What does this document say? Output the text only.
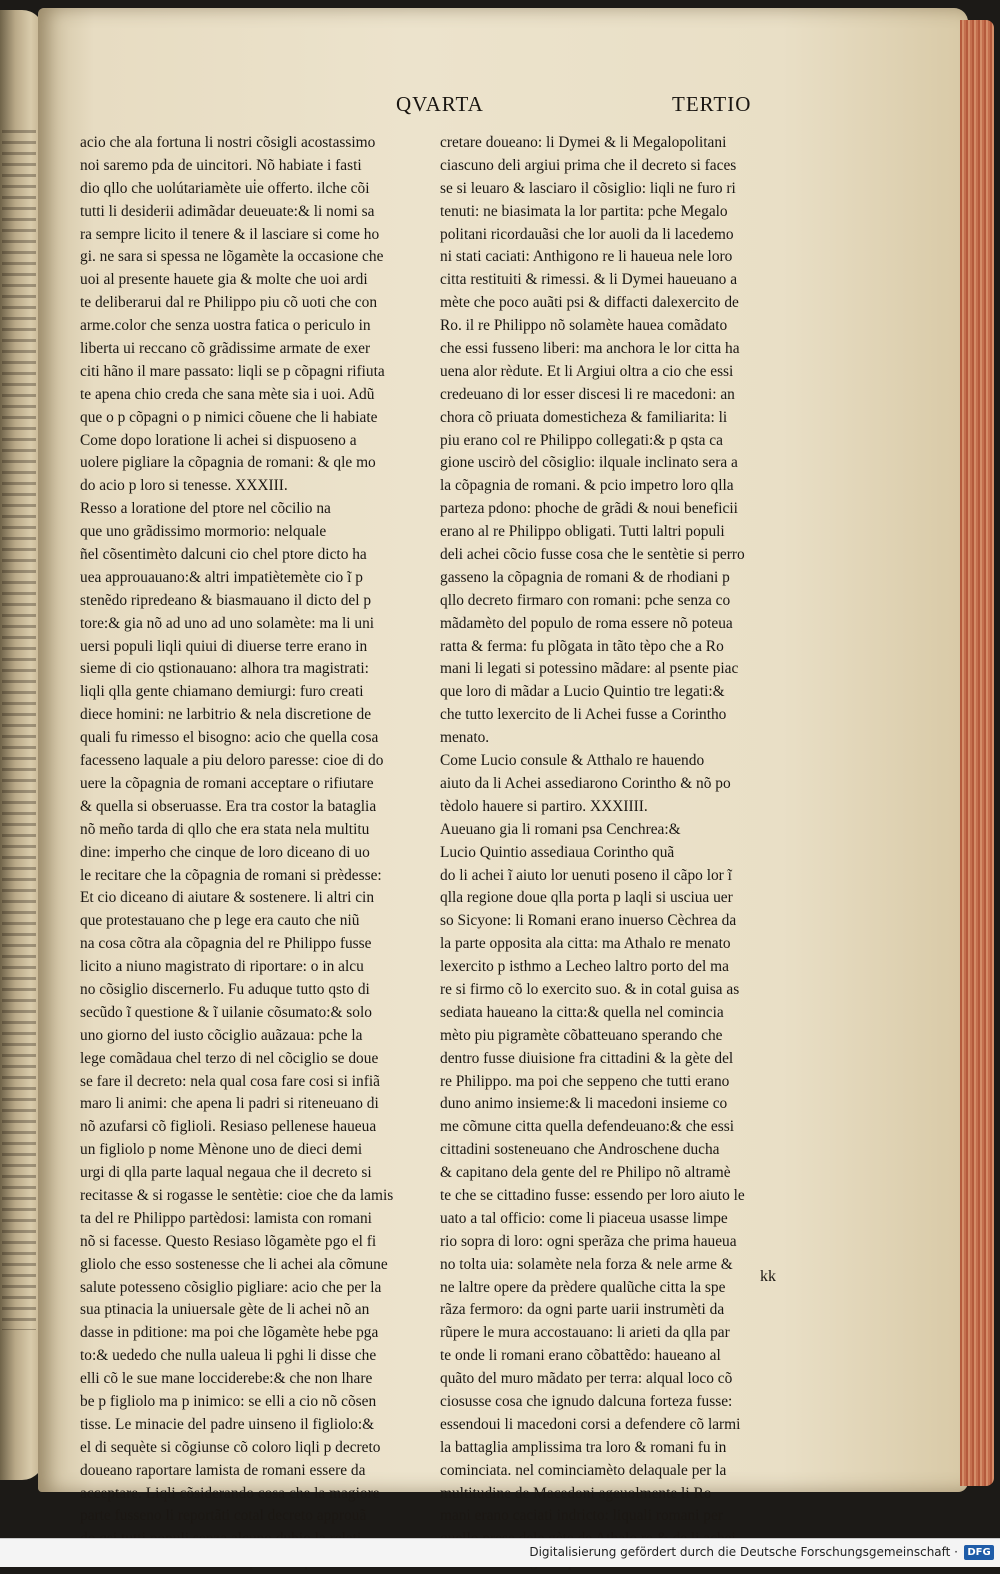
QVARTA	TERTIO
acio che ala fortuna li nostri cõsigli acostassimo
noi saremo pda de uincitori. Nõ habiate i fasti
dio qllo che uolútariamète ui̇e offerto. ilche cõi
tutti li desiderii adimãdar deueuate:& li nomi sa
ra sempre licito il tenere & il lasciare si come ho
gi. ne sara si spessa ne lõgamète la occasione che
uoi al presente hauete gia & molte che uoi ardi
te deliberarui dal re Philippo piu cõ uoti che con
arme.color che senza uostra fatica o periculo in
liberta ui reccano cõ grãdissime armate de exer
citi hãno il mare passato: liqli se p cõpagni rifiuta
te apena chio creda che sana mète sia i uoi. Adũ
que o p cõpagni o p nimici cõuene che li habiate
Come dopo loratione li achei si dispuoseno a
uolere pigliare la cõpagnia de romani: & qle mo
do acio p loro si tenesse. XXXIII.
Resso a loratione del ptore nel cõcilio na
que uno grãdissimo mormorio: nelquale
ñel cõsentimèto dalcuni cio chel ptore dicto ha
uea approuauano:& altri impatiètemète cio ĩ p
stenẽdo ripredeano & biasmauano il dicto del p
tore:& gia nõ ad uno ad uno solamète: ma li uni
uersi populi liqli quiui di diuerse terre erano in
sieme di cio qstionauano: alhora tra magistrati:
liqli qlla gente chiamano demiurgi: furo creati
diece homini: ne larbitrio & nela discretione de
quali fu rimesso el bisogno: acio che quella cosa
facesseno laquale a piu deloro paresse: cioe di do
uere la cõpagnia de romani acceptare o rifiutare
& quella si obseruasse. Era tra costor la bataglia
nõ meño tarda di qllo che era stata nela multitu
dine: imperho che cinque de loro diceano di uo
le recitare che la cõpagnia de romani si prèdesse:
Et cio diceano di aiutare & sostenere. li altri cin
que protestauano che p lege era cauto che niũ
na cosa cõtra ala cõpagnia del re Philippo fusse
licito a niuno magistrato di riportare: o in alcu
no cõsiglio discernerlo. Fu aduque tutto qsto di
secũdo ĩ questione & ĩ uilanie cõsumato:& solo
uno giorno del iusto cõciglio auãzaua: pche la
lege comãdaua chel terzo di nel cõciglio se doue
se fare il decreto: nela qual cosa fare cosi si infiã
maro li animi: che apena li padri si riteneuano di
nõ azufarsi cõ figlioli. Resiaso pellenese haueua
un figliolo p nome Mènone uno de dieci demi
urgi di qlla parte laqual negaua che il decreto si
recitasse & si rogasse le sentètie: cioe che da lamis
ta del re Philippo partèdosi: lamista con romani
nõ si facesse. Questo Resiaso lõgamète pgo el fi
gliolo che esso sostenesse che li achei ala cõmune
salute potesseno cõsiglio pigliare: acio che per la
sua ptinacia la uniuersale gète de li achei nõ an
dasse in pditione: ma poi che lõgamète hebe pga
to:& uededo che nulla ualeua li pghi li disse che
elli cõ le sue mane locciderebe:& che non lhare
be p figliolo ma p inimico: se elli a cio nõ cõsen
tisse. Le minacie del padre uinseno il figliolo:&
el di sequète si cõgiunse cõ coloro liqli p decreto
doueano raportare lamista de romani essere da
acceptare. Liqli cõsiderando cosa che la magiore
parte fusseno li reportãti cotal decreto approuã
cretare doueano: li Dymei & li Megalopolitani
ciascuno deli argiui prima che il decreto si faces
se si leuaro & lasciaro il cõsiglio: liqli ne furo ri
tenuti: ne biasimata la lor partita: pche Megalo
politani ricordauãsi che lor auoli da li lacedemo
ni stati caciati: Anthigono re li haueua nele loro
citta restituiti & rimessi. & li Dymei haueuano a
mète che poco auãti psi & diffacti dalexercito de
Ro. il re Philippo nõ solamète hauea comãdato
che essi fusseno liberi: ma anchora le lor citta ha
uena alor rèdute. Et li Argiui oltra a cio che essi
credeuano di lor esser discesi li re macedoni: an
chora cõ priuata domesticheza & familiarita: li
piu erano col re Philippo collegati:& p qsta ca
gione uscirò del cõsiglio: ilquale inclinato sera a
la cõpagnia de romani. & pcio impetro loro qlla
parteza pdono: phoche de grãdi & noui beneficii
erano al re Philippo obligati. Tutti laltri populi
deli achei cõcio fusse cosa che le sentètie si perro
gasseno la cõpagnia de romani & de rhodiani p
qllo decreto firmaro con romani: pche senza co
mãdamèto del populo de roma essere nõ poteua
ratta & ferma: fu plõgata in tãto tèpo che a Ro
mani li legati si potessino mãdare: al psente piac
que loro di mãdar a Lucio Quintio tre legati:&
che tutto lexercito de li Achei fusse a Corintho
menato.
Come Lucio consule & Atthalo re hauendo
aiuto da li Achei assediarono Corintho & nõ po
tèdolo hauere si partiro. XXXIIII.
Aueuano gia li romani psa Cenchrea:&
Lucio Quintio assediaua Corintho quã
do li achei ĩ aiuto lor uenuti poseno il cãpo lor ĩ
qlla regione doue qlla porta p laqli si usciua uer
so Sicyone: li Romani erano inuerso Cèchrea da
la parte opposita ala citta: ma Athalo re menato
lexercito p isthmo a Lecheo laltro porto del ma
re si firmo cõ lo exercito suo. & in cotal guisa as
sediata haueano la citta:& quella nel comincia
mèto piu pigramète cõbatteuano sperando che
dentro fusse diuisione fra cittadini & la gète del
re Philippo. ma poi che seppeno che tutti erano
duno animo insieme:& li macedoni insieme co
me cõmune citta quella defendeuano:& che essi
cittadini sosteneuano che Androschene ducha
& capitano dela gente del re Philipo nõ altramè
te che se cittadino fusse: essendo per loro aiuto le
uato a tal officio: come li piaceua usasse limpe
rio sopra di loro: ogni sperãza che prima haueua
no tolta uia: solamète nela forza & nele arme &
ne laltre opere da prèdere qualũche citta la spe
rãza fermoro: da ogni parte uarii instrumèti da
rũpere le mura accostauano: li arieti da qlla par
te onde li romani erano cõbattẽdo: haueano al
quãto del muro mãdato per terra: alqual loco cõ
ciosusse cosa che ignudo dalcuna forteza fusse:
essendoui li macedoni corsi a defendere cõ larmi
la battaglia amplissima tra loro & romani fu in
cominciata. nel cominciamèto delaquale per la
multitudine de Macedoni ageuolmente li Ro
mani erano caciati indricto: liquali romani per

kk

Digitalisierung gefördert durch die Deutsche Forschungsgemeinschaft · DFG
